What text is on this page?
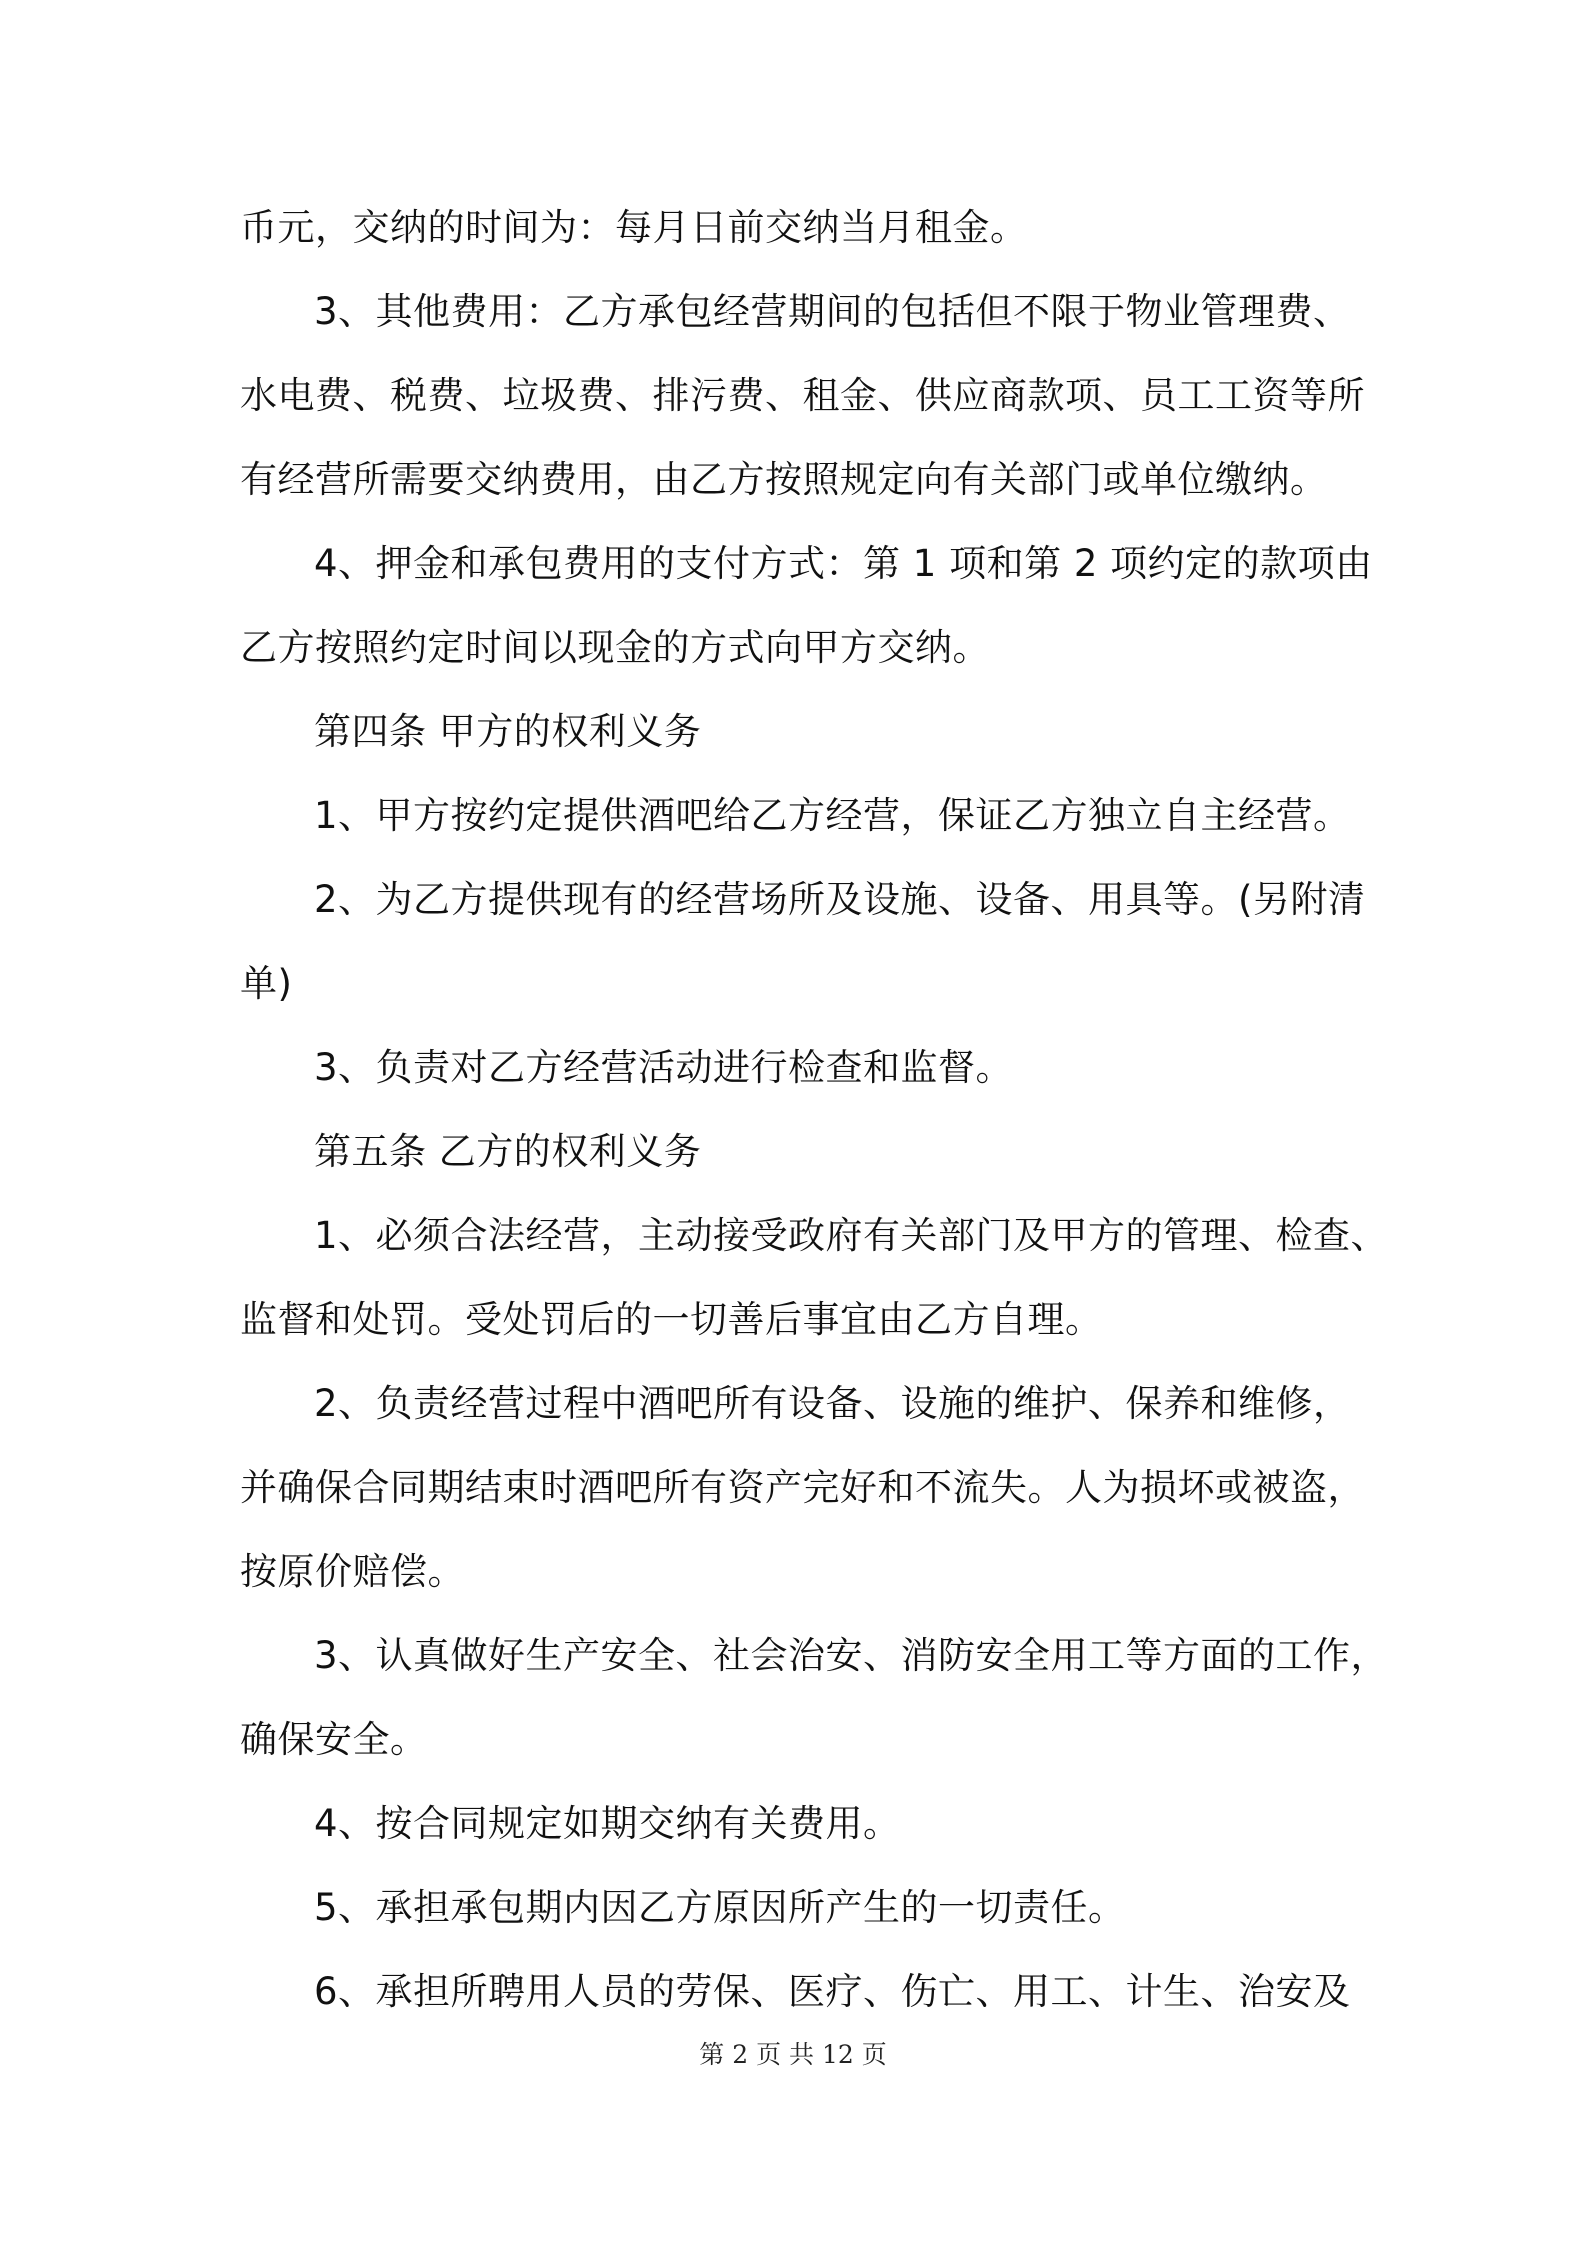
币元，交纳的时间为：每月日前交纳当月租金。
3、其他费用：乙方承包经营期间的包括但不限于物业管理费、
水电费、税费、垃圾费、排污费、租金、供应商款项、员工工资等所
有经营所需要交纳费用，由乙方按照规定向有关部门或单位缴纳。
4、押金和承包费用的支付方式：第 1 项和第 2 项约定的款项由
乙方按照约定时间以现金的方式向甲方交纳。
第四条 甲方的权利义务
1、甲方按约定提供酒吧给乙方经营，保证乙方独立自主经营。
2、为乙方提供现有的经营场所及设施、设备、用具等。(另附清
单)
3、负责对乙方经营活动进行检查和监督。
第五条 乙方的权利义务
1、必须合法经营，主动接受政府有关部门及甲方的管理、检查、
监督和处罚。受处罚后的一切善后事宜由乙方自理。
2、负责经营过程中酒吧所有设备、设施的维护、保养和维修，
并确保合同期结束时酒吧所有资产完好和不流失。人为损坏或被盗，
按原价赔偿。
3、认真做好生产安全、社会治安、消防安全用工等方面的工作，
确保安全。
4、按合同规定如期交纳有关费用。
5、承担承包期内因乙方原因所产生的一切责任。
6、承担所聘用人员的劳保、医疗、伤亡、用工、计生、治安及
第 2 页 共 12 页
